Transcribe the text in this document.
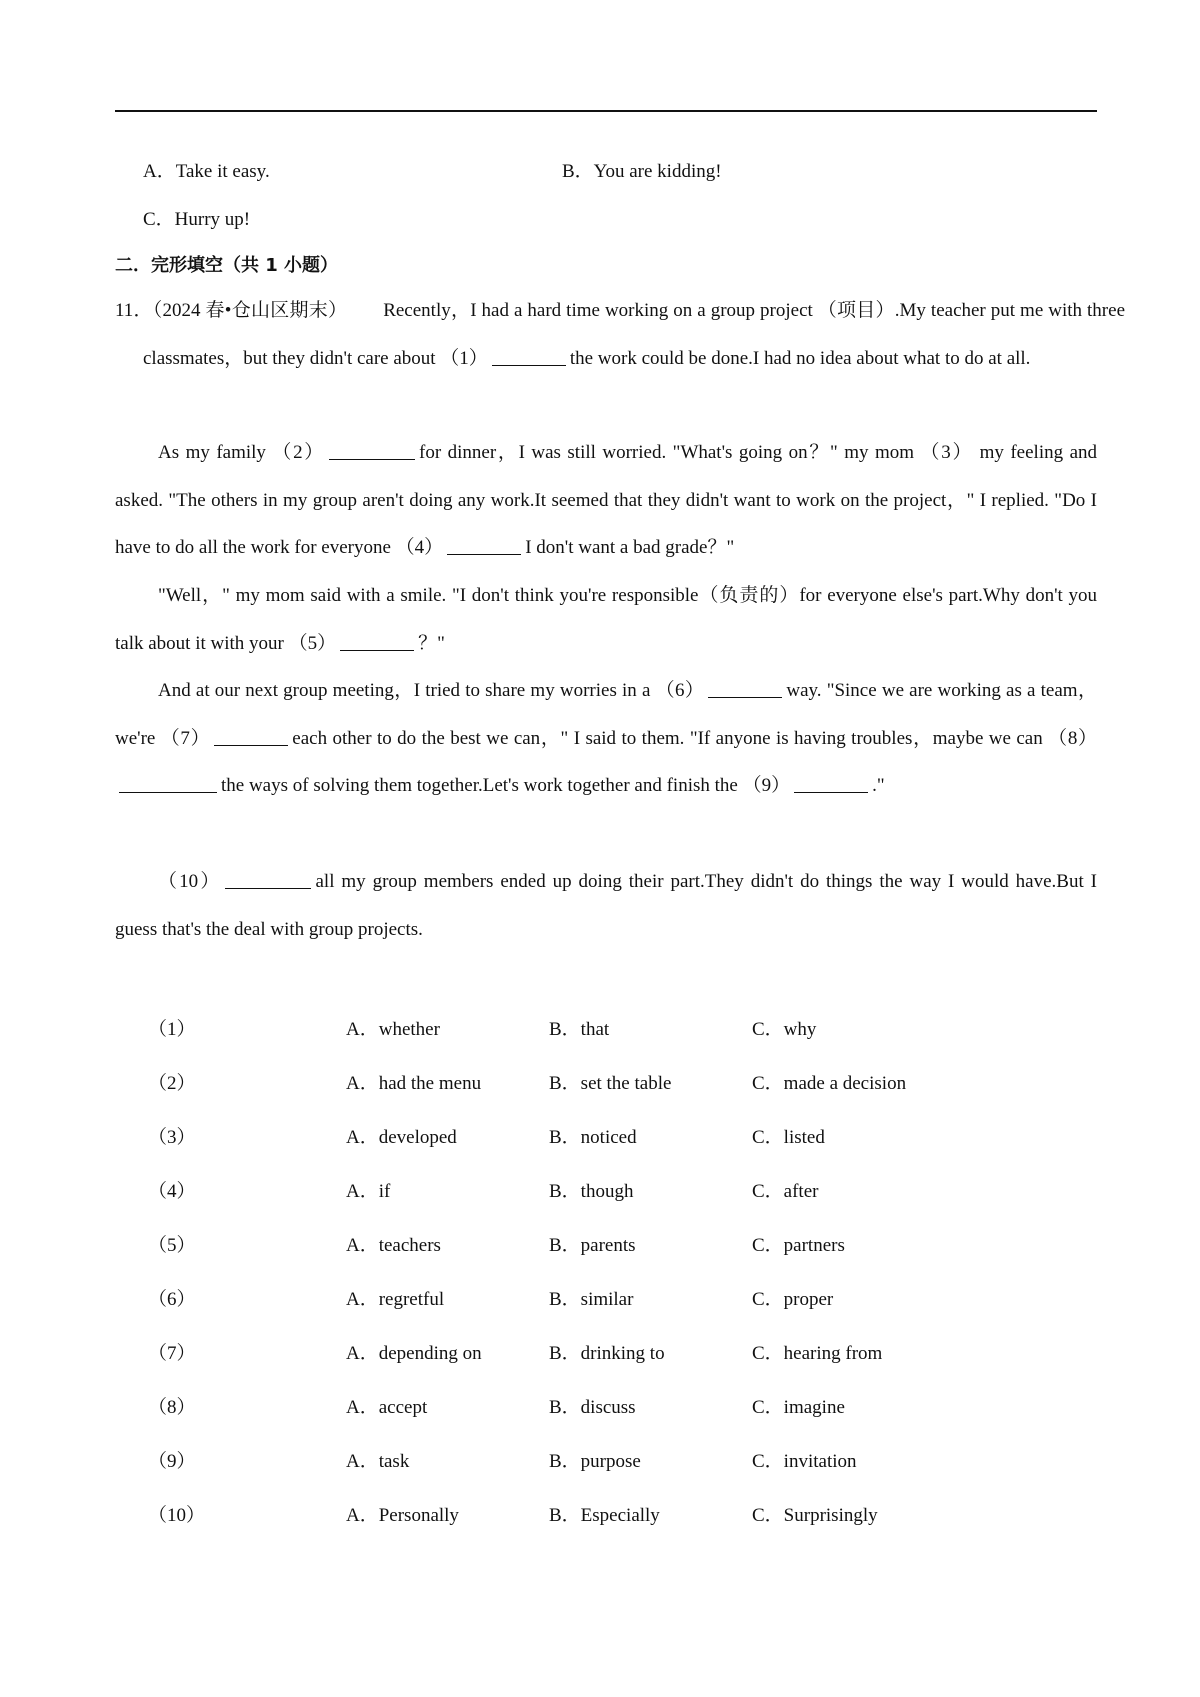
A．Take it easy.	B．You are kidding!
C．Hurry up!
二．完形填空（共 1 小题）
11．（2024 春•仓山区期末） Recently，I had a hard time working on a group project （项目）.My teacher put me with three classmates，but they didn't care about （1）	the work could be done.I had no idea about what to do at all.
As my family （2）	for dinner，I was still worried. "What's going on？" my mom （3） my feeling and asked. "The others in my group aren't doing any work.It seemed that they didn't want to work on the project，" I replied. "Do I have to do all the work for everyone （4）	I don't want a bad grade？"
"Well，" my mom said with a smile. "I don't think you're responsible（负责的）for everyone else's part.Why don't you talk about it with your （5）	？"
And at our next group meeting，I tried to share my worries in a （6）	way. "Since we are working as a team，we're （7）	each other to do the best we can，" I said to them. "If anyone is having troubles，maybe we can （8）the ways of solving them together.Let's work together and finish the （9）	."
（10）	all my group members ended up doing their part.They didn't do things the way I would have.But I guess that's the deal with group projects.
（1）	A．whether	B．that	C．why
（2）	A．had the menu	B．set the table	C．made a decision
（3）	A．developed	B．noticed	C．listed
（4）	A．if	B．though	C．after
（5）	A．teachers	B．parents	C．partners
（6）	A．regretful	B．similar	C．proper
（7）	A．depending on	B．drinking to	C．hearing from
（8）	A．accept	B．discuss	C．imagine
（9）	A．task	B．purpose	C．invitation
（10）	A．Personally	B．Especially	C．Surprisingly
